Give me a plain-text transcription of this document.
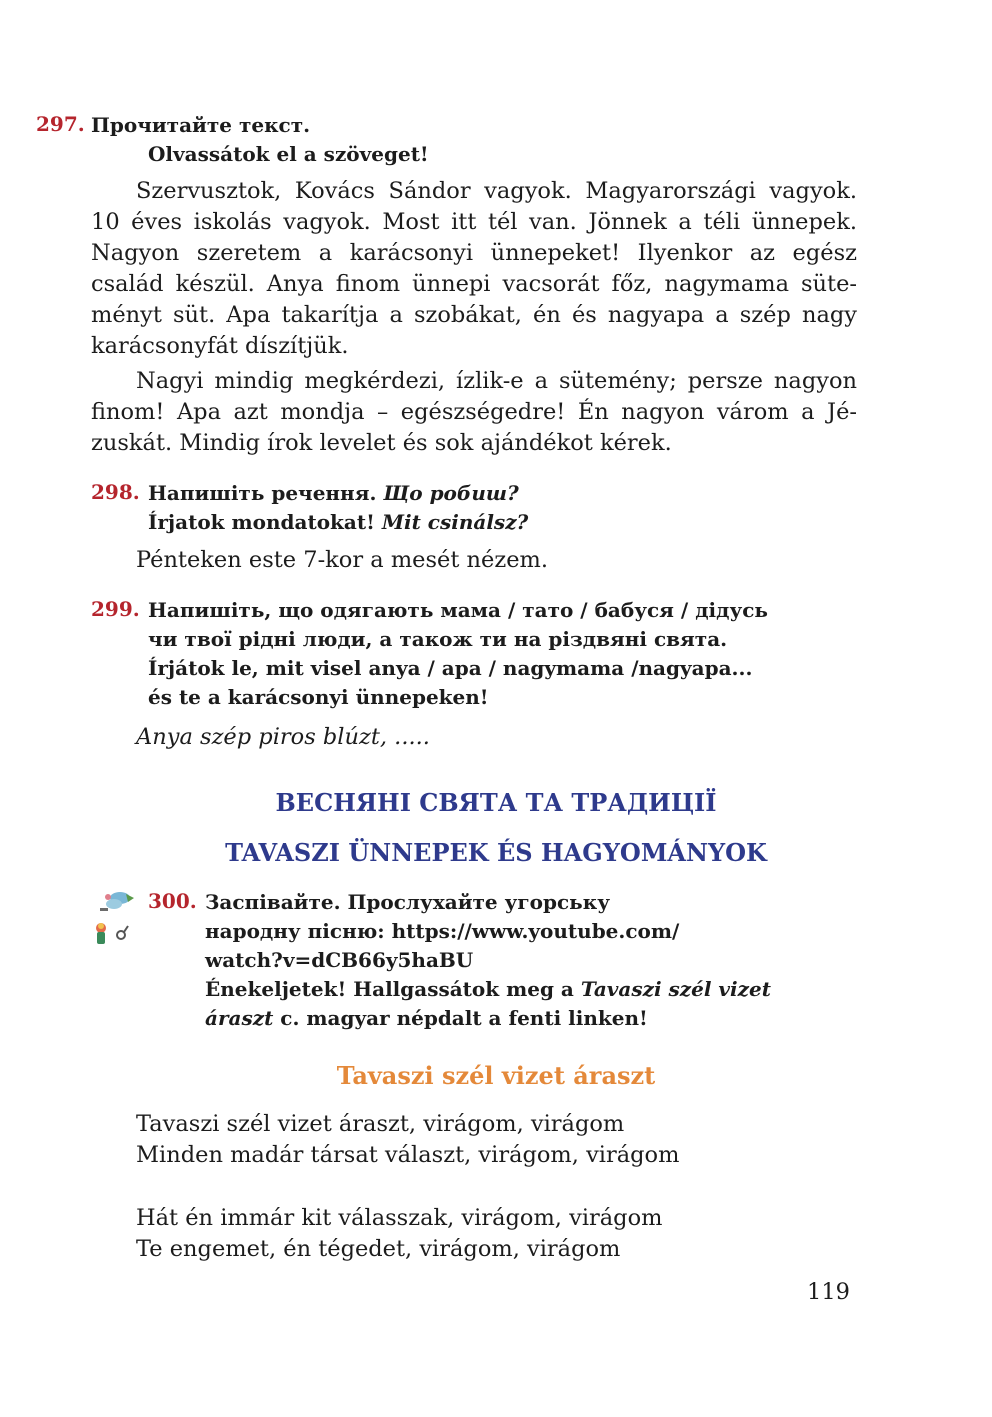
297. Прочитайте текст.
Olvassátok el a szöveget!
Szervusztok, Kovács Sándor vagyok. Magyarországi vagyok.
10 éves iskolás vagyok. Most itt tél van. Jönnek a téli ünnepek.
Nagyon szeretem a karácsonyi ünnepeket! Ilyenkor az egész
család készül. Anya finom ünnepi vacsorát főz, nagymama süte-
ményt süt. Apa takarítja a szobákat, én és nagyapa a szép nagy
karácsonyfát díszítjük.
Nagyi mindig megkérdezi, ízlik-e a sütemény; persze nagyon
finom! Apa azt mondja – egészségedre! Én nagyon várom a Jé-
zuskát. Mindig írok levelet és sok ajándékot kérek.
298. Напишіть речення. Що робиш?
Írjatok mondatokat! Mit csinálsz?
Pénteken este 7-kor a mesét nézem.
299. Напишіть, що одягають мама / тато / бабуся / дідусь
чи твої рідні люди, а також ти на різдвяні свята.
Írjátok le, mit visel anya / apa / nagymama /nagyapa...
és te a karácsonyi ünnepeken!
Anya szép piros blúzt, .....
ВЕСНЯНІ СВЯТА ТА ТРАДИЦІЇ
TAVASZI ÜNNEPEK ÉS HAGYOMÁNYOK
300. Заспівайте. Прослухайте угорську
народну пісню: https://www.youtube.com/
watch?v=dCB66y5haBU
Énekeljetek! Hallgassátok meg a Tavaszi szél vizet
áraszt c. magyar népdalt a fenti linken!
Tavaszi szél vizet áraszt
Tavaszi szél vizet áraszt, virágom, virágom
Minden madár társat választ, virágom, virágom
Hát én immár kit válasszak, virágom, virágom
Te engemet, én tégedet, virágom, virágom
119
